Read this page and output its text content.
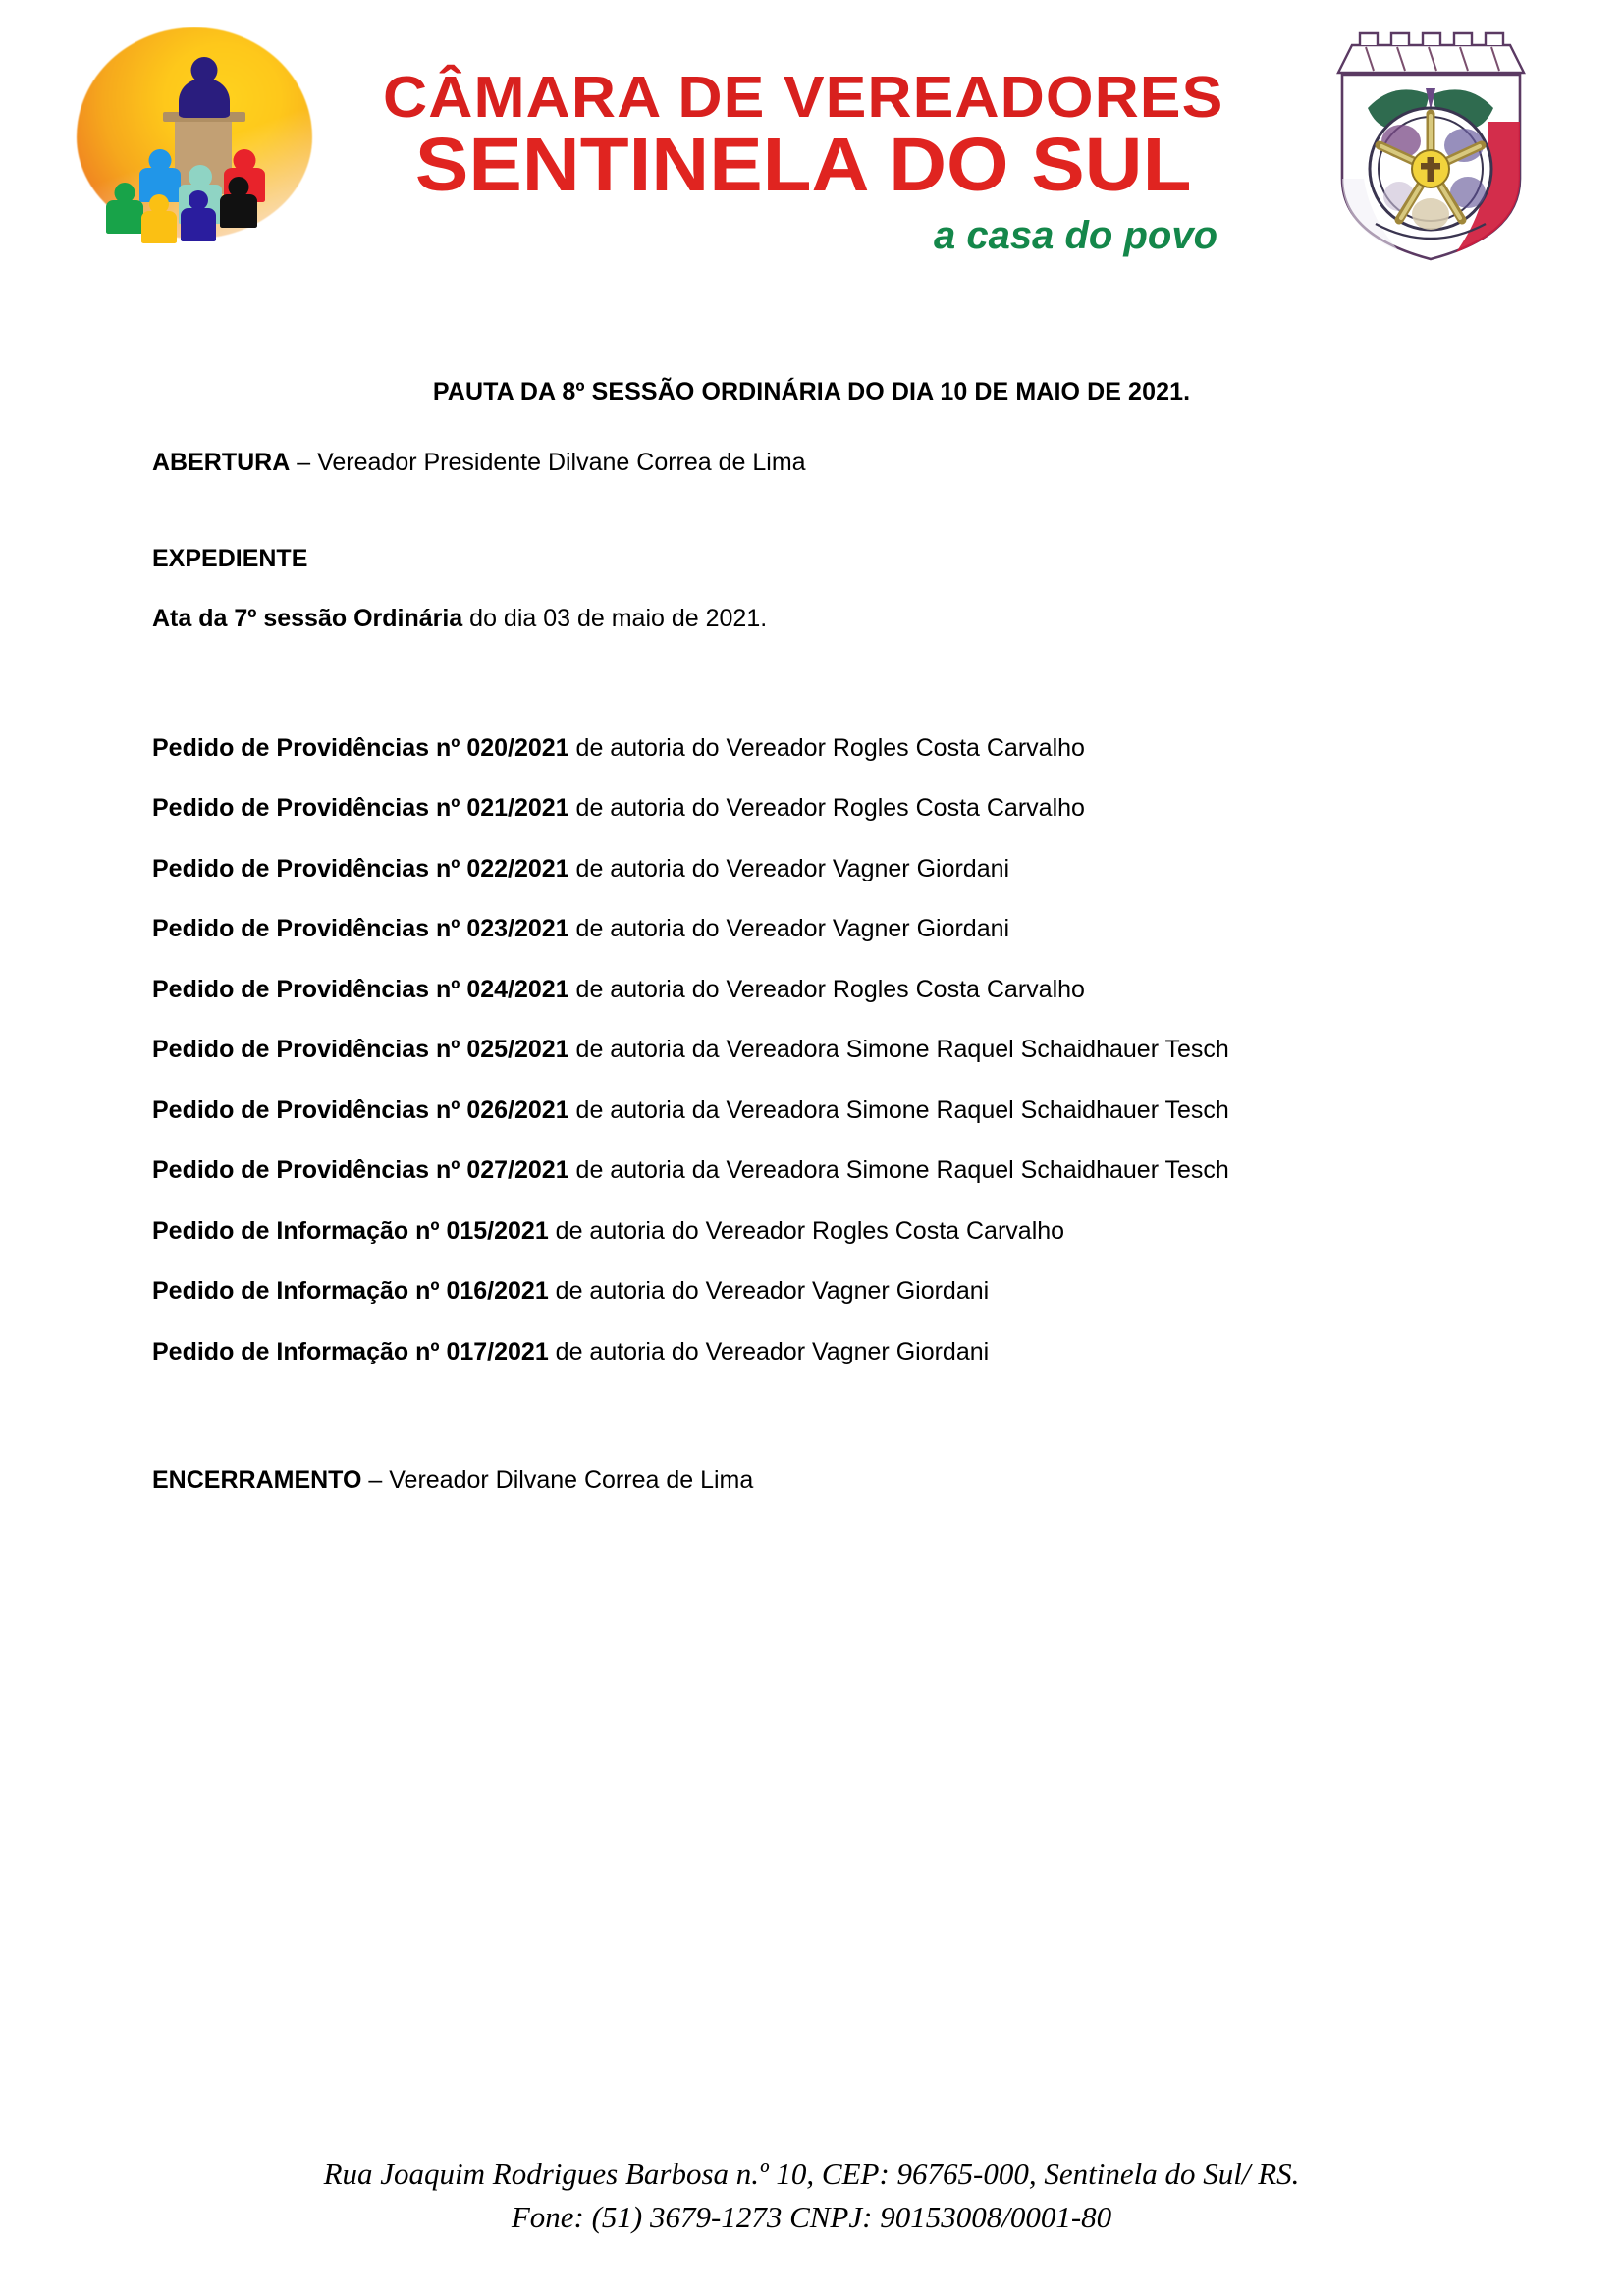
CÂMARA DE VEREADORES
SENTINELA DO SUL
a casa do povo
PAUTA DA 8º SESSÃO ORDINÁRIA DO DIA 10 DE MAIO DE 2021.

ABERTURA – Vereador Presidente Dilvane Correa de Lima

EXPEDIENTE

Ata da 7º sessão Ordinária do dia 03 de maio de 2021.

Pedido de Providências nº 020/2021 de autoria do Vereador Rogles Costa Carvalho

Pedido de Providências nº 021/2021 de autoria do Vereador Rogles Costa Carvalho

Pedido de Providências nº 022/2021 de autoria do Vereador Vagner Giordani

Pedido de Providências nº 023/2021 de autoria do Vereador Vagner Giordani

Pedido de Providências nº 024/2021 de autoria do Vereador Rogles Costa Carvalho

Pedido de Providências nº 025/2021 de autoria da Vereadora Simone Raquel Schaidhauer Tesch

Pedido de Providências nº 026/2021 de autoria da Vereadora Simone Raquel Schaidhauer Tesch

Pedido de Providências nº 027/2021 de autoria da Vereadora Simone Raquel Schaidhauer Tesch

Pedido de Informação nº 015/2021 de autoria do Vereador Rogles Costa Carvalho

Pedido de Informação nº 016/2021 de autoria do Vereador Vagner Giordani

Pedido de Informação nº 017/2021 de autoria do Vereador Vagner Giordani

ENCERRAMENTO – Vereador Dilvane Correa de Lima

Rua Joaquim Rodrigues Barbosa n.º 10, CEP: 96765-000, Sentinela do Sul/ RS.
Fone: (51) 3679-1273 CNPJ: 90153008/0001-80
